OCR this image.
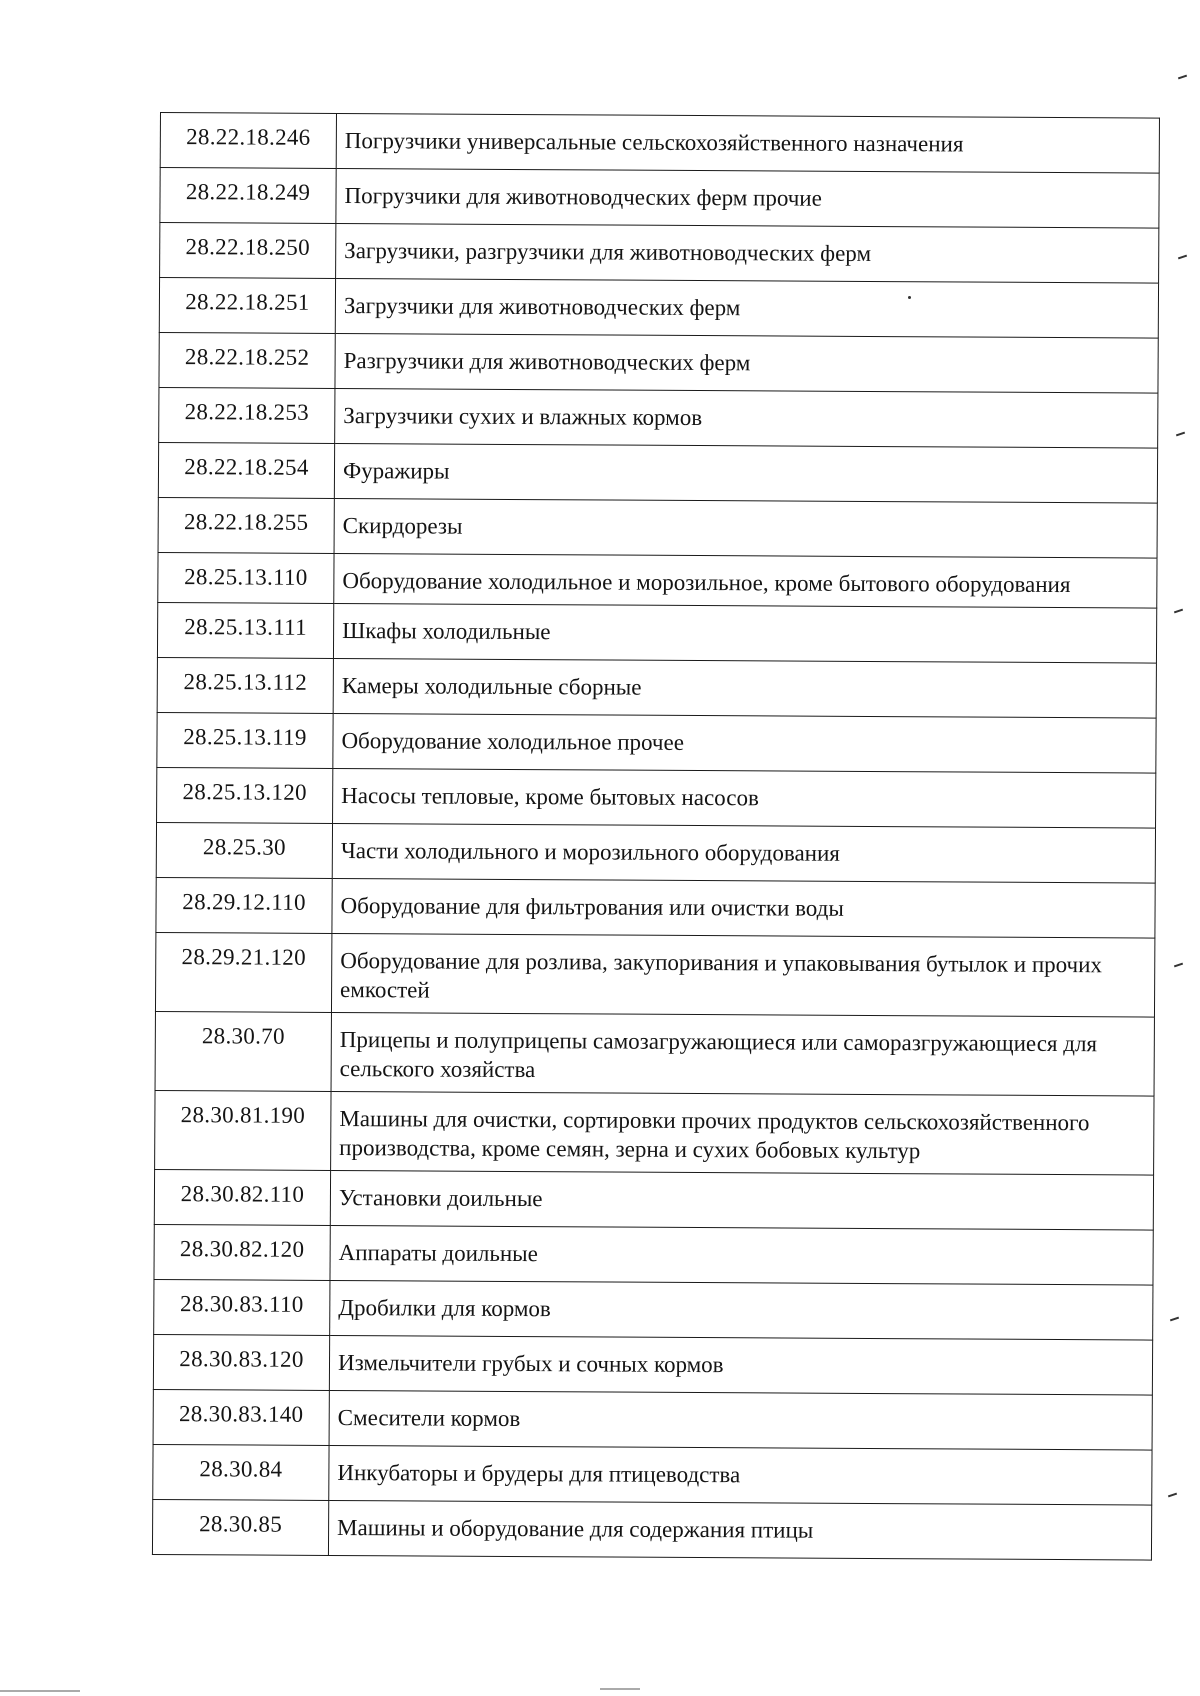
28.22.18.246	Погрузчики универсальные сельскохозяйственного назначения
28.22.18.249	Погрузчики для животноводческих ферм прочие
28.22.18.250	Загрузчики, разгрузчики для животноводческих ферм
28.22.18.251	Загрузчики для животноводческих ферм
28.22.18.252	Разгрузчики для животноводческих ферм
28.22.18.253	Загрузчики сухих и влажных кормов
28.22.18.254	Фуражиры
28.22.18.255	Скирдорезы
28.25.13.110	Оборудование холодильное и морозильное, кроме бытового оборудования
28.25.13.111	Шкафы холодильные
28.25.13.112	Камеры холодильные сборные
28.25.13.119	Оборудование холодильное прочее
28.25.13.120	Насосы тепловые, кроме бытовых насосов
28.25.30	Части холодильного и морозильного оборудования
28.29.12.110	Оборудование для фильтрования или очистки воды
28.29.21.120	Оборудование для розлива, закупоривания и упаковывания бутылок и прочих емкостей
28.30.70	Прицепы и полуприцепы самозагружающиеся или саморазгружающиеся для сельского хозяйства
28.30.81.190	Машины для очистки, сортировки прочих продуктов сельскохозяйственного производства, кроме семян, зерна и сухих бобовых культур
28.30.82.110	Установки доильные
28.30.82.120	Аппараты доильные
28.30.83.110	Дробилки для кормов
28.30.83.120	Измельчители грубых и сочных кормов
28.30.83.140	Смесители кормов
28.30.84	Инкубаторы и брудеры для птицеводства
28.30.85	Машины и оборудование для содержания птицы
